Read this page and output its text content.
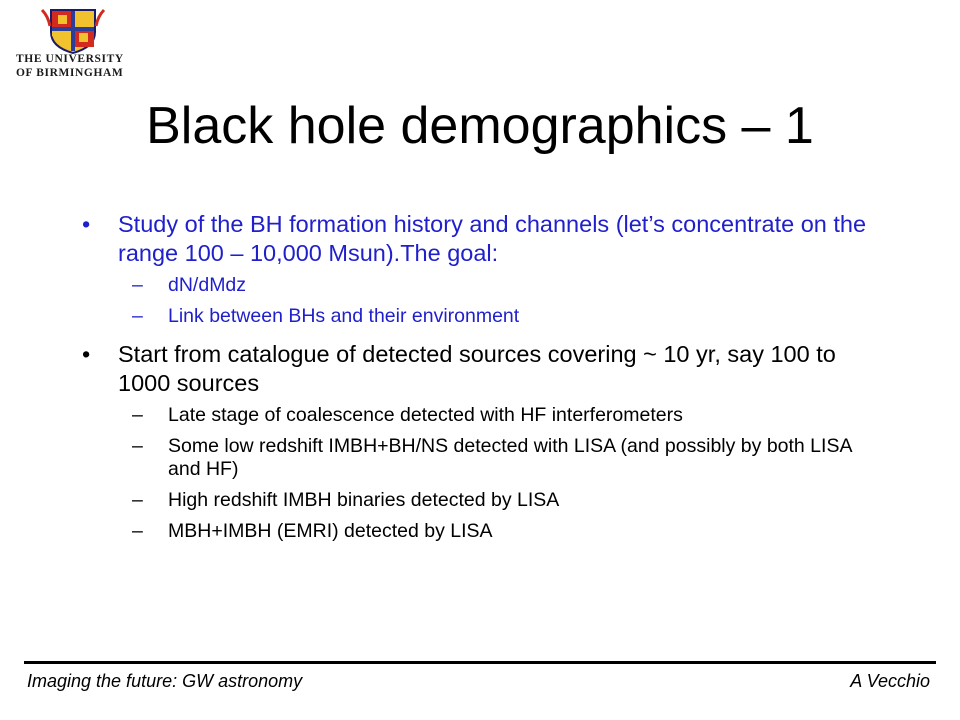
THE UNIVERSITY
OF BIRMINGHAM
Black hole demographics – 1
• Study of the BH formation history and channels (let’s concentrate on the range 100 – 10,000 Msun).The goal:
– dN/dMdz
– Link between BHs and their environment
• Start from catalogue of detected sources covering ~ 10 yr, say 100 to 1000 sources
– Late stage of coalescence detected with HF interferometers
– Some low redshift IMBH+BH/NS detected with LISA (and possibly by both LISA and HF)
– High redshift IMBH binaries detected by LISA
– MBH+IMBH (EMRI) detected by LISA
Imaging the future: GW astronomy	A Vecchio
